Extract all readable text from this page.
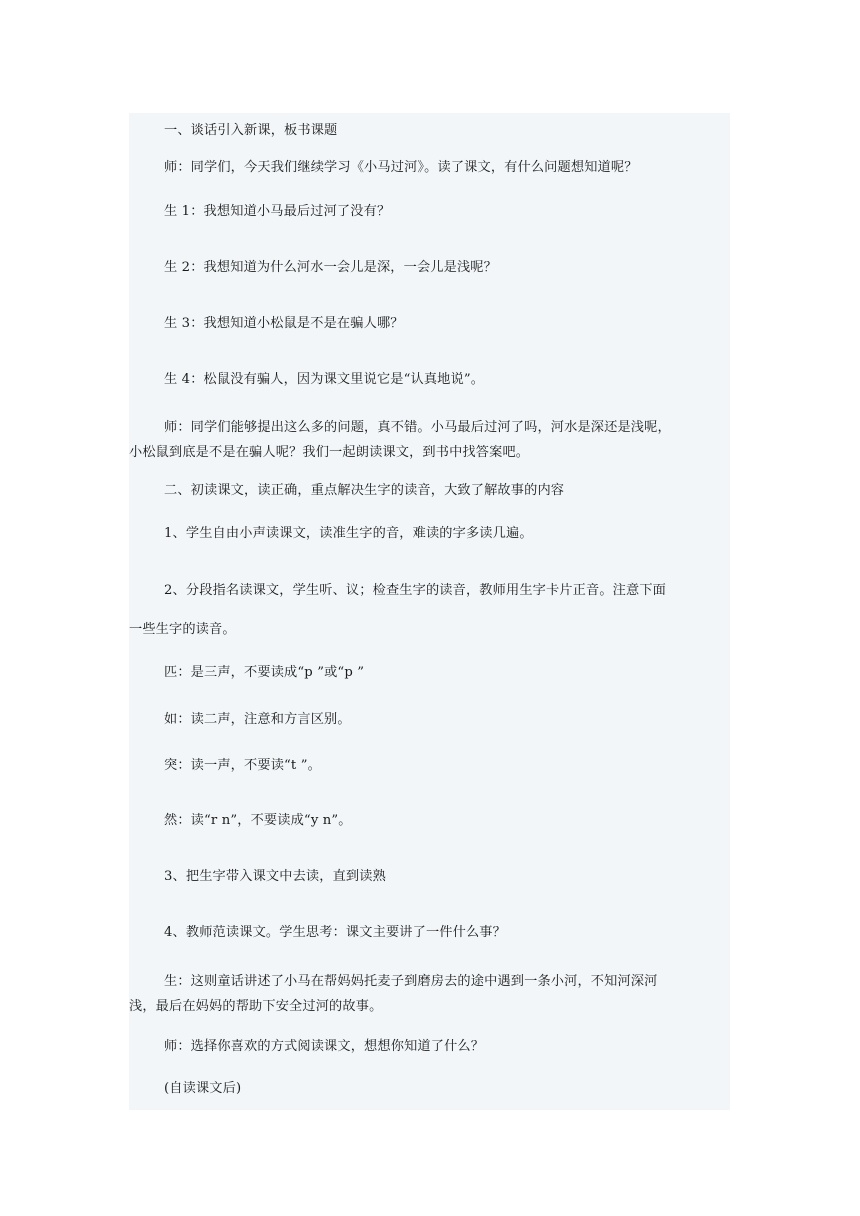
一、谈话引入新课，板书课题
师：同学们，今天我们继续学习《小马过河》。读了课文，有什么问题想知道呢？
生 1：我想知道小马最后过河了没有？
生 2：我想知道为什么河水一会儿是深，一会儿是浅呢？
生 3：我想知道小松鼠是不是在骗人哪？
生 4：松鼠没有骗人，因为课文里说它是“认真地说”。
师：同学们能够提出这么多的问题，真不错。小马最后过河了吗，河水是深还是浅呢，
小松鼠到底是不是在骗人呢？我们一起朗读课文，到书中找答案吧。
二、初读课文，读正确，重点解决生字的读音，大致了解故事的内容
1、学生自由小声读课文，读准生字的音，难读的字多读几遍。
2、分段指名读课文，学生听、议；检查生字的读音，教师用生字卡片正音。注意下面
一些生字的读音。
匹：是三声，不要读成“p ”或“p ”
如：读二声，注意和方言区别。
突：读一声，不要读“t ”。
然：读“r n”，不要读成“y n”。
3、把生字带入课文中去读，直到读熟
4、教师范读课文。学生思考：课文主要讲了一件什么事？
生：这则童话讲述了小马在帮妈妈托麦子到磨房去的途中遇到一条小河，不知河深河
浅，最后在妈妈的帮助下安全过河的故事。
师：选择你喜欢的方式阅读课文，想想你知道了什么？
(自读课文后)
